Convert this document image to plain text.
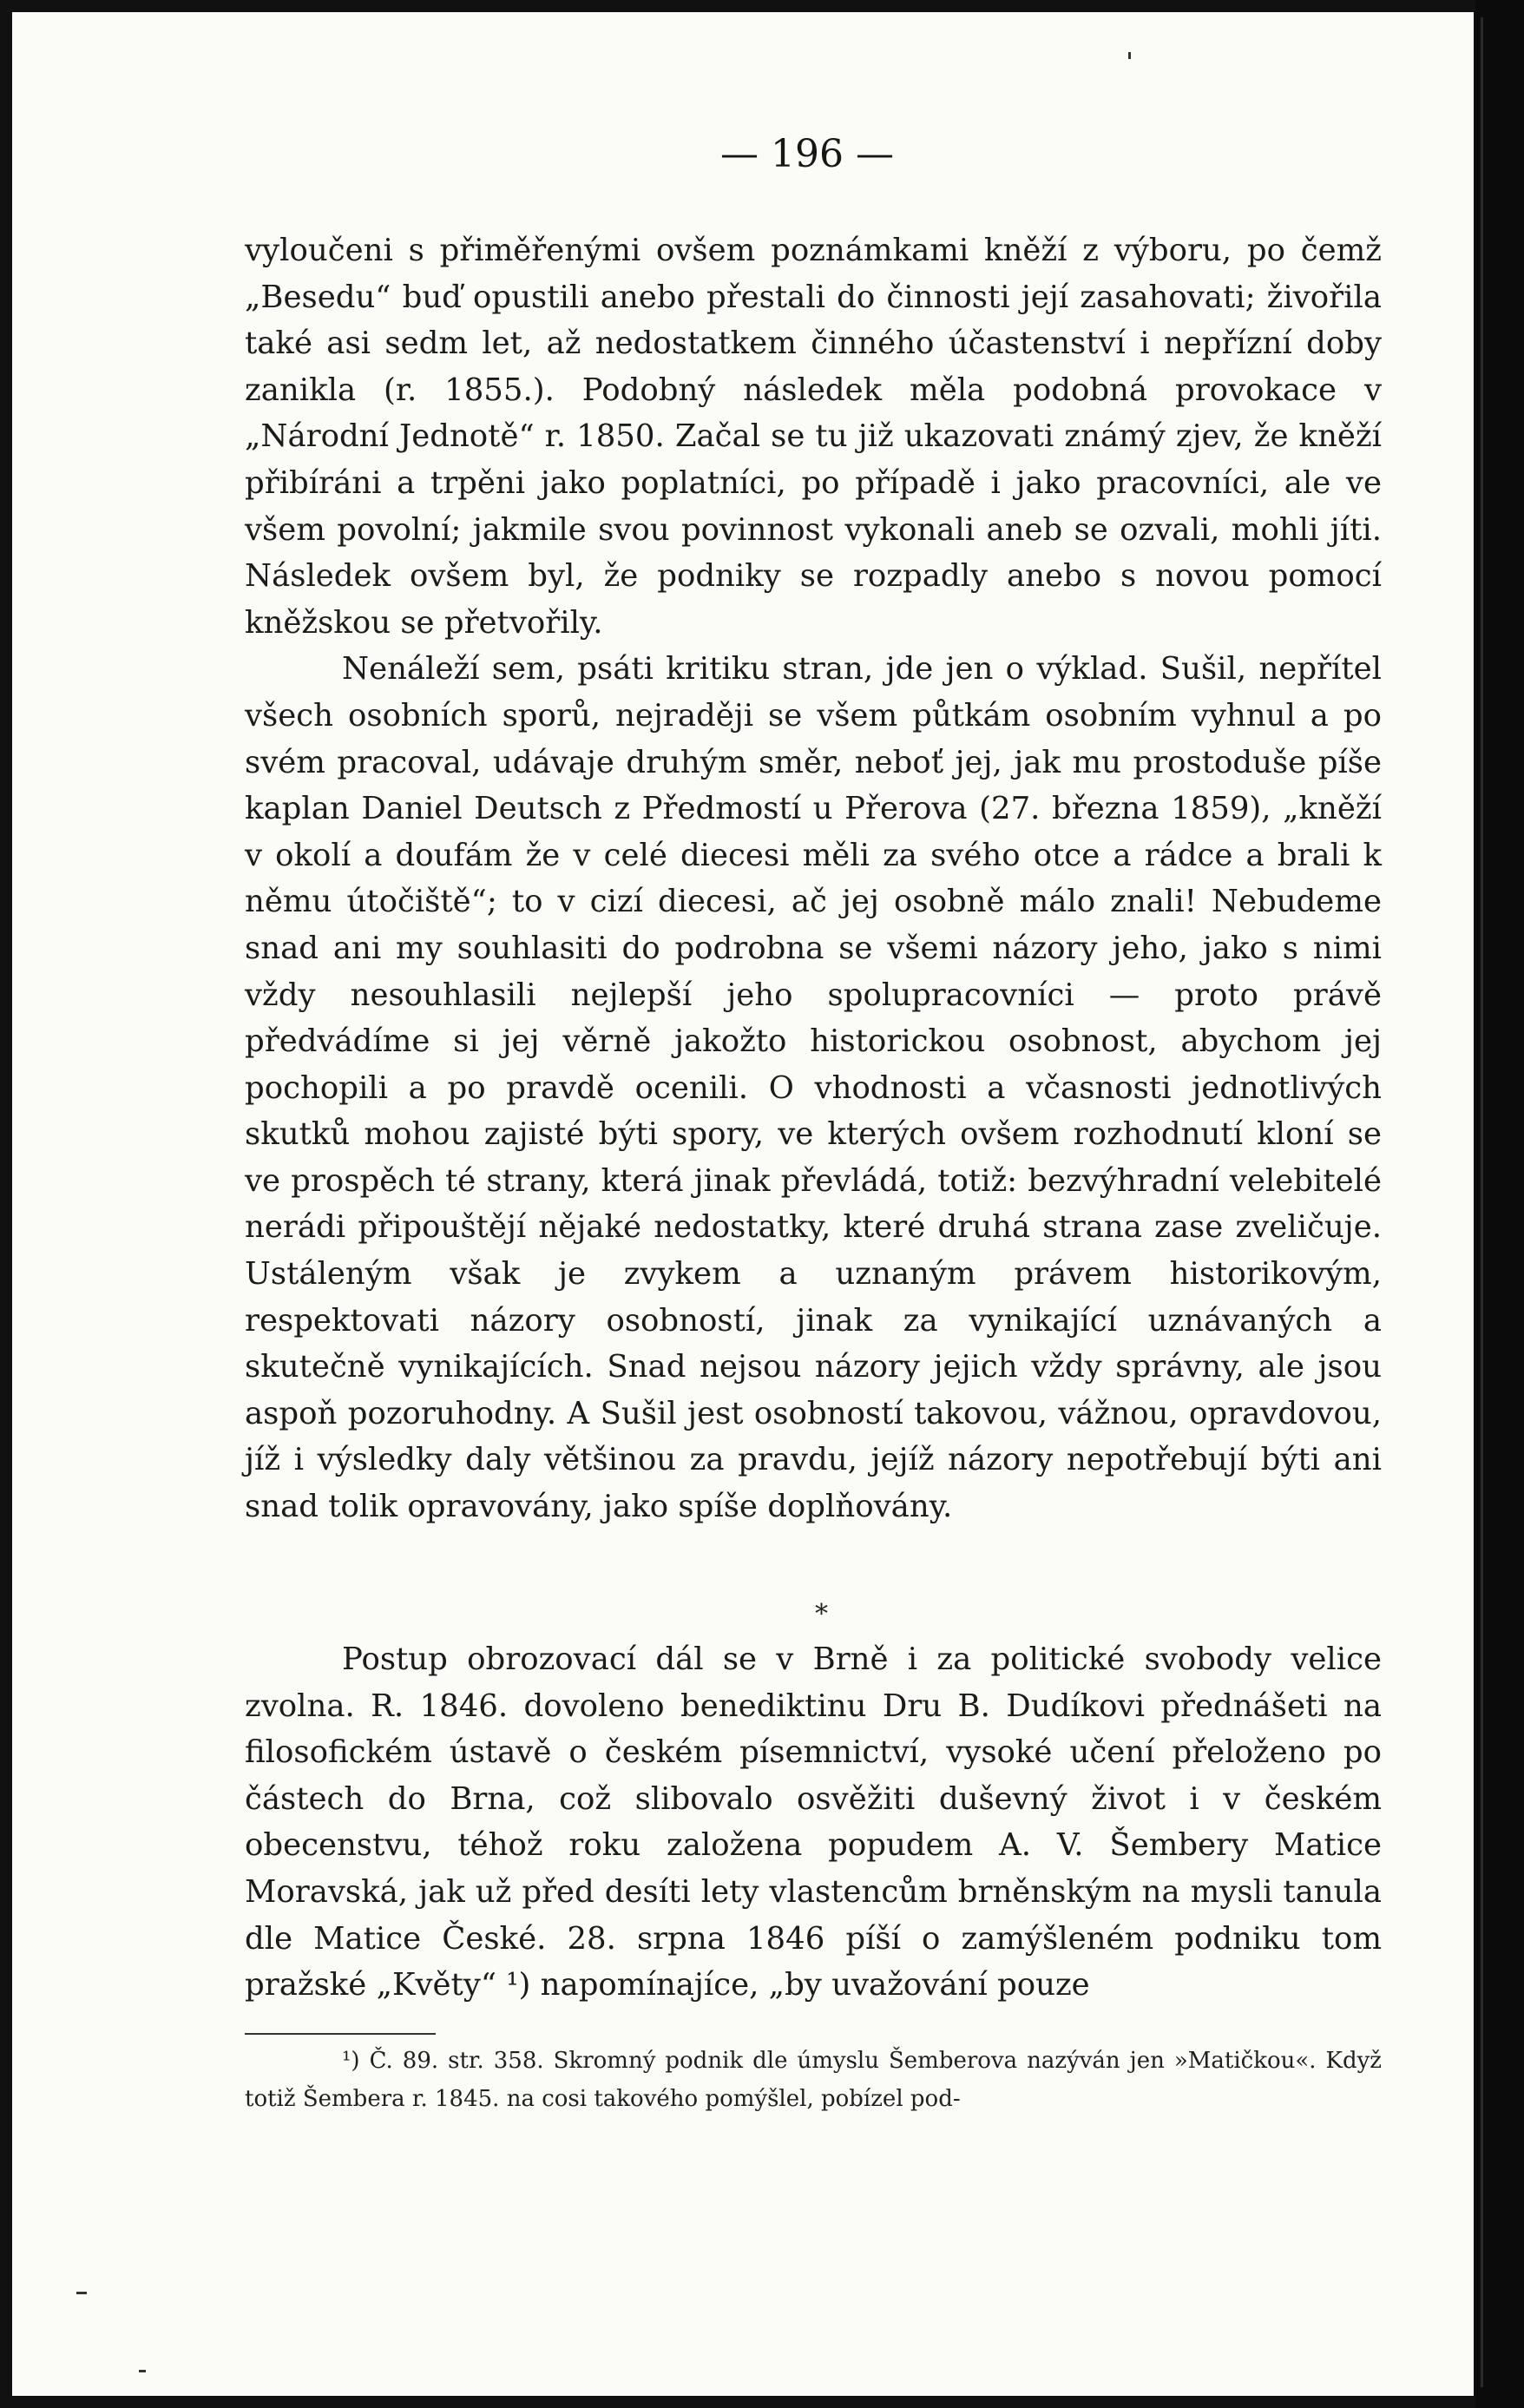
— 196 —

vyloučeni s přiměřenými ovšem poznámkami kněží z výboru, po čemž „Besedu“ buď opustili anebo přestali do činnosti její zasahovati; živořila také asi sedm let, až nedostatkem činného účastenství i nepřízní doby zanikla (r. 1855.). Podobný následek měla podobná provokace v „Národní Jednotě“ r. 1850. Začal se tu již ukazovati známý zjev, že kněží přibíráni a trpěni jako poplatníci, po případě i jako pracovníci, ale ve všem povolní; jakmile svou povinnost vykonali aneb se ozvali, mohli jíti. Následek ovšem byl, že podniky se rozpadly anebo s novou pomocí kněžskou se přetvořily.

Nenáleží sem, psáti kritiku stran, jde jen o výklad. Sušil, nepřítel všech osobních sporů, nejraději se všem půtkám osobním vyhnul a po svém pracoval, udávaje druhým směr, neboť jej, jak mu prostoduše píše kaplan Daniel Deutsch z Předmostí u Přerova (27. března 1859), „kněží v okolí a doufám že v celé diecesi měli za svého otce a rádce a brali k němu útočiště“; to v cizí diecesi, ač jej osobně málo znali! Nebudeme snad ani my souhlasiti do podrobna se všemi názory jeho, jako s nimi vždy nesouhlasili nejlepší jeho spolupracovníci — proto právě předvádíme si jej věrně jakožto historickou osobnost, abychom jej pochopili a po pravdě ocenili. O vhodnosti a včasnosti jednotlivých skutků mohou zajisté býti spory, ve kterých ovšem rozhodnutí kloní se ve prospěch té strany, která jinak převládá, totiž: bezvýhradní velebitelé nerádi připouštějí nějaké nedostatky, které druhá strana zase zveličuje. Ustáleným však je zvykem a uznaným právem historikovým, respektovati názory osobností, jinak za vynikající uznávaných a skutečně vynikajících. Snad nejsou názory jejich vždy správny, ale jsou aspoň pozoruhodny. A Sušil jest osobností takovou, vážnou, opravdovou, jíž i výsledky daly většinou za pravdu, jejíž názory nepotřebují býti ani snad tolik opravovány, jako spíše doplňovány.

*

Postup obrozovací dál se v Brně i za politické svobody velice zvolna. R. 1846. dovoleno benediktinu Dru B. Dudíkovi přednášeti na filosofickém ústavě o českém písemnictví, vysoké učení přeloženo po částech do Brna, což slibovalo osvěžiti duševný život i v českém obecenstvu, téhož roku založena popudem A. V. Šembery Matice Moravská, jak už před desíti lety vlastencům brněnským na mysli tanula dle Matice České. 28. srpna 1846 píší o zamýšleném podniku tom pražské „Květy“ ¹) napomínajíce, „by uvažování pouze

¹) Č. 89. str. 358. Skromný podnik dle úmyslu Šemberova nazýván jen »Matičkou«. Když totiž Šembera r. 1845. na cosi takového pomýšlel, pobízel pod-
